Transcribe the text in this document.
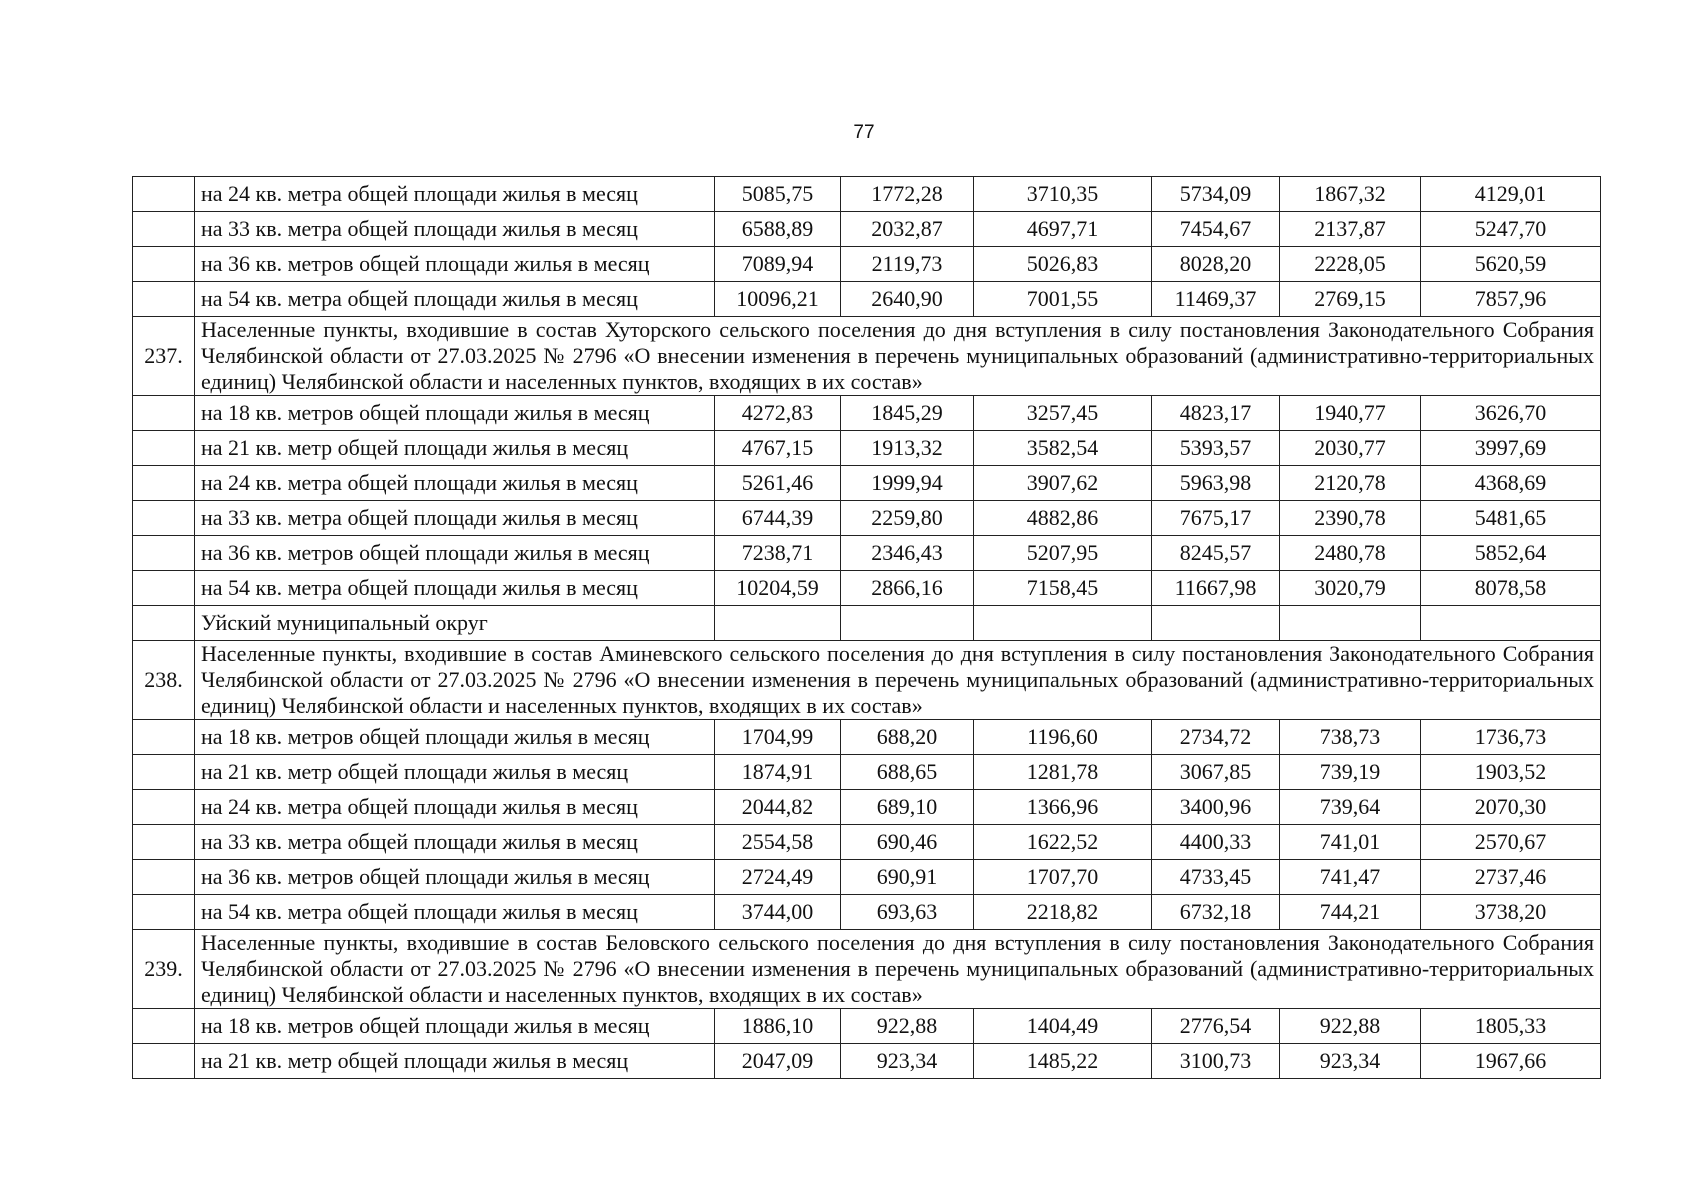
77
	на 24 кв. метра общей площади жилья в месяц	5085,75	1772,28	3710,35	5734,09	1867,32	4129,01
	на 33 кв. метра общей площади жилья в месяц	6588,89	2032,87	4697,71	7454,67	2137,87	5247,70
	на 36 кв. метров общей площади жилья в месяц	7089,94	2119,73	5026,83	8028,20	2228,05	5620,59
	на 54 кв. метра общей площади жилья в месяц	10096,21	2640,90	7001,55	11469,37	2769,15	7857,96
237.	Населенные пункты, входившие в состав Хуторского сельского поселения до дня вступления в силу постановления Законодательного Собрания Челябинской области от 27.03.2025 № 2796 «О внесении изменения в перечень муниципальных образований (административно-территориальных единиц) Челябинской области и населенных пунктов, входящих в их состав»						
	на 18 кв. метров общей площади жилья в месяц	4272,83	1845,29	3257,45	4823,17	1940,77	3626,70
	на 21 кв. метр общей площади жилья в месяц	4767,15	1913,32	3582,54	5393,57	2030,77	3997,69
	на 24 кв. метра общей площади жилья в месяц	5261,46	1999,94	3907,62	5963,98	2120,78	4368,69
	на 33 кв. метра общей площади жилья в месяц	6744,39	2259,80	4882,86	7675,17	2390,78	5481,65
	на 36 кв. метров общей площади жилья в месяц	7238,71	2346,43	5207,95	8245,57	2480,78	5852,64
	на 54 кв. метра общей площади жилья в месяц	10204,59	2866,16	7158,45	11667,98	3020,79	8078,58
	Уйский муниципальный округ						
238.	Населенные пункты, входившие в состав Аминевского сельского поселения до дня вступления в силу постановления Законодательного Собрания Челябинской области от 27.03.2025 № 2796 «О внесении изменения в перечень муниципальных образований (административно-территориальных единиц) Челябинской области и населенных пунктов, входящих в их состав»						
	на 18 кв. метров общей площади жилья в месяц	1704,99	688,20	1196,60	2734,72	738,73	1736,73
	на 21 кв. метр общей площади жилья в месяц	1874,91	688,65	1281,78	3067,85	739,19	1903,52
	на 24 кв. метра общей площади жилья в месяц	2044,82	689,10	1366,96	3400,96	739,64	2070,30
	на 33 кв. метра общей площади жилья в месяц	2554,58	690,46	1622,52	4400,33	741,01	2570,67
	на 36 кв. метров общей площади жилья в месяц	2724,49	690,91	1707,70	4733,45	741,47	2737,46
	на 54 кв. метра общей площади жилья в месяц	3744,00	693,63	2218,82	6732,18	744,21	3738,20
239.	Населенные пункты, входившие в состав Беловского сельского поселения до дня вступления в силу постановления Законодательного Собрания Челябинской области от 27.03.2025 № 2796 «О внесении изменения в перечень муниципальных образований (административно-территориальных единиц) Челябинской области и населенных пунктов, входящих в их состав»						
	на 18 кв. метров общей площади жилья в месяц	1886,10	922,88	1404,49	2776,54	922,88	1805,33
	на 21 кв. метр общей площади жилья в месяц	2047,09	923,34	1485,22	3100,73	923,34	1967,66
